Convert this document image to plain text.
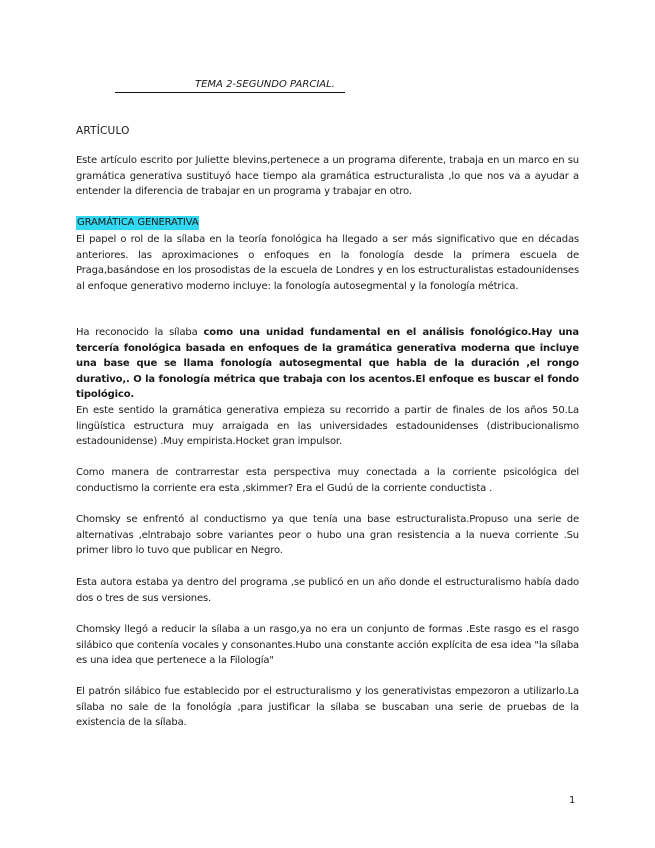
TEMA 2-SEGUNDO PARCIAL.
ARTÍCULO

Este artículo escrito por Juliette blevins,pertenece a un programa diferente, trabaja en un marco en su gramática generativa sustituyó hace tiempo ala gramática estructuralista ,lo que nos va a ayudar a entender la diferencia de trabajar en un programa y trabajar en otro.

GRAMÁTICA GENERATIVA

El papel o rol de la sílaba en la teoría fonológica ha llegado a ser más significativo que en décadas anteriores. las aproximaciones o enfoques en la fonología desde la primera escuela de Praga,basándose en los prosodistas de la escuela de Londres y en los estructuralistas estadounidenses al enfoque generativo moderno incluye: la fonología autosegmental y la fonología métrica.

Ha reconocido la sílaba como una unidad fundamental en el análisis fonológico.Hay una tercería fonológica basada en enfoques de la gramática generativa moderna que incluye una base que se llama fonología autosegmental que habla de la duración ,el rongo durativo,. O la fonología métrica que trabaja con los acentos.El enfoque es buscar el fondo tipológico.

En este sentido la gramática generativa empieza su recorrido a partir de finales de los años 50.La lingüística estructura muy arraigada en las universidades estadounidenses (distribucionalismo estadounidense) .Muy empirista.Hocket gran impulsor.

Como manera de contrarrestar esta perspectiva muy conectada a la corriente psicológica del conductismo la corriente era esta ,skimmer? Era el Gudú de la corriente conductista .

Chomsky se enfrentó al conductismo ya que tenía una base estructuralista.Propuso una serie de alternativas ,elntrabajo sobre variantes peor o hubo una gran resistencia a la nueva corriente .Su primer libro lo tuvo que publicar en Negro.

Esta autora estaba ya dentro del programa ,se publicó en un año donde el estructuralismo había dado dos o tres de sus versiones.

Chomsky llegó a reducir la sílaba a un rasgo,ya no era un conjunto de formas .Este rasgo es el rasgo silábico que contenía vocales y consonantes.Hubo una constante acción explícita de esa idea "la sílaba es una idea que pertenece a la Filología"

El patrón silábico fue establecido por el estructuralismo y los generativistas empezoron a utilizarlo.La sílaba no sale de la fonológía ,para justificar la sílaba se buscaban una serie de pruebas de la existencia de la sílaba.

1
